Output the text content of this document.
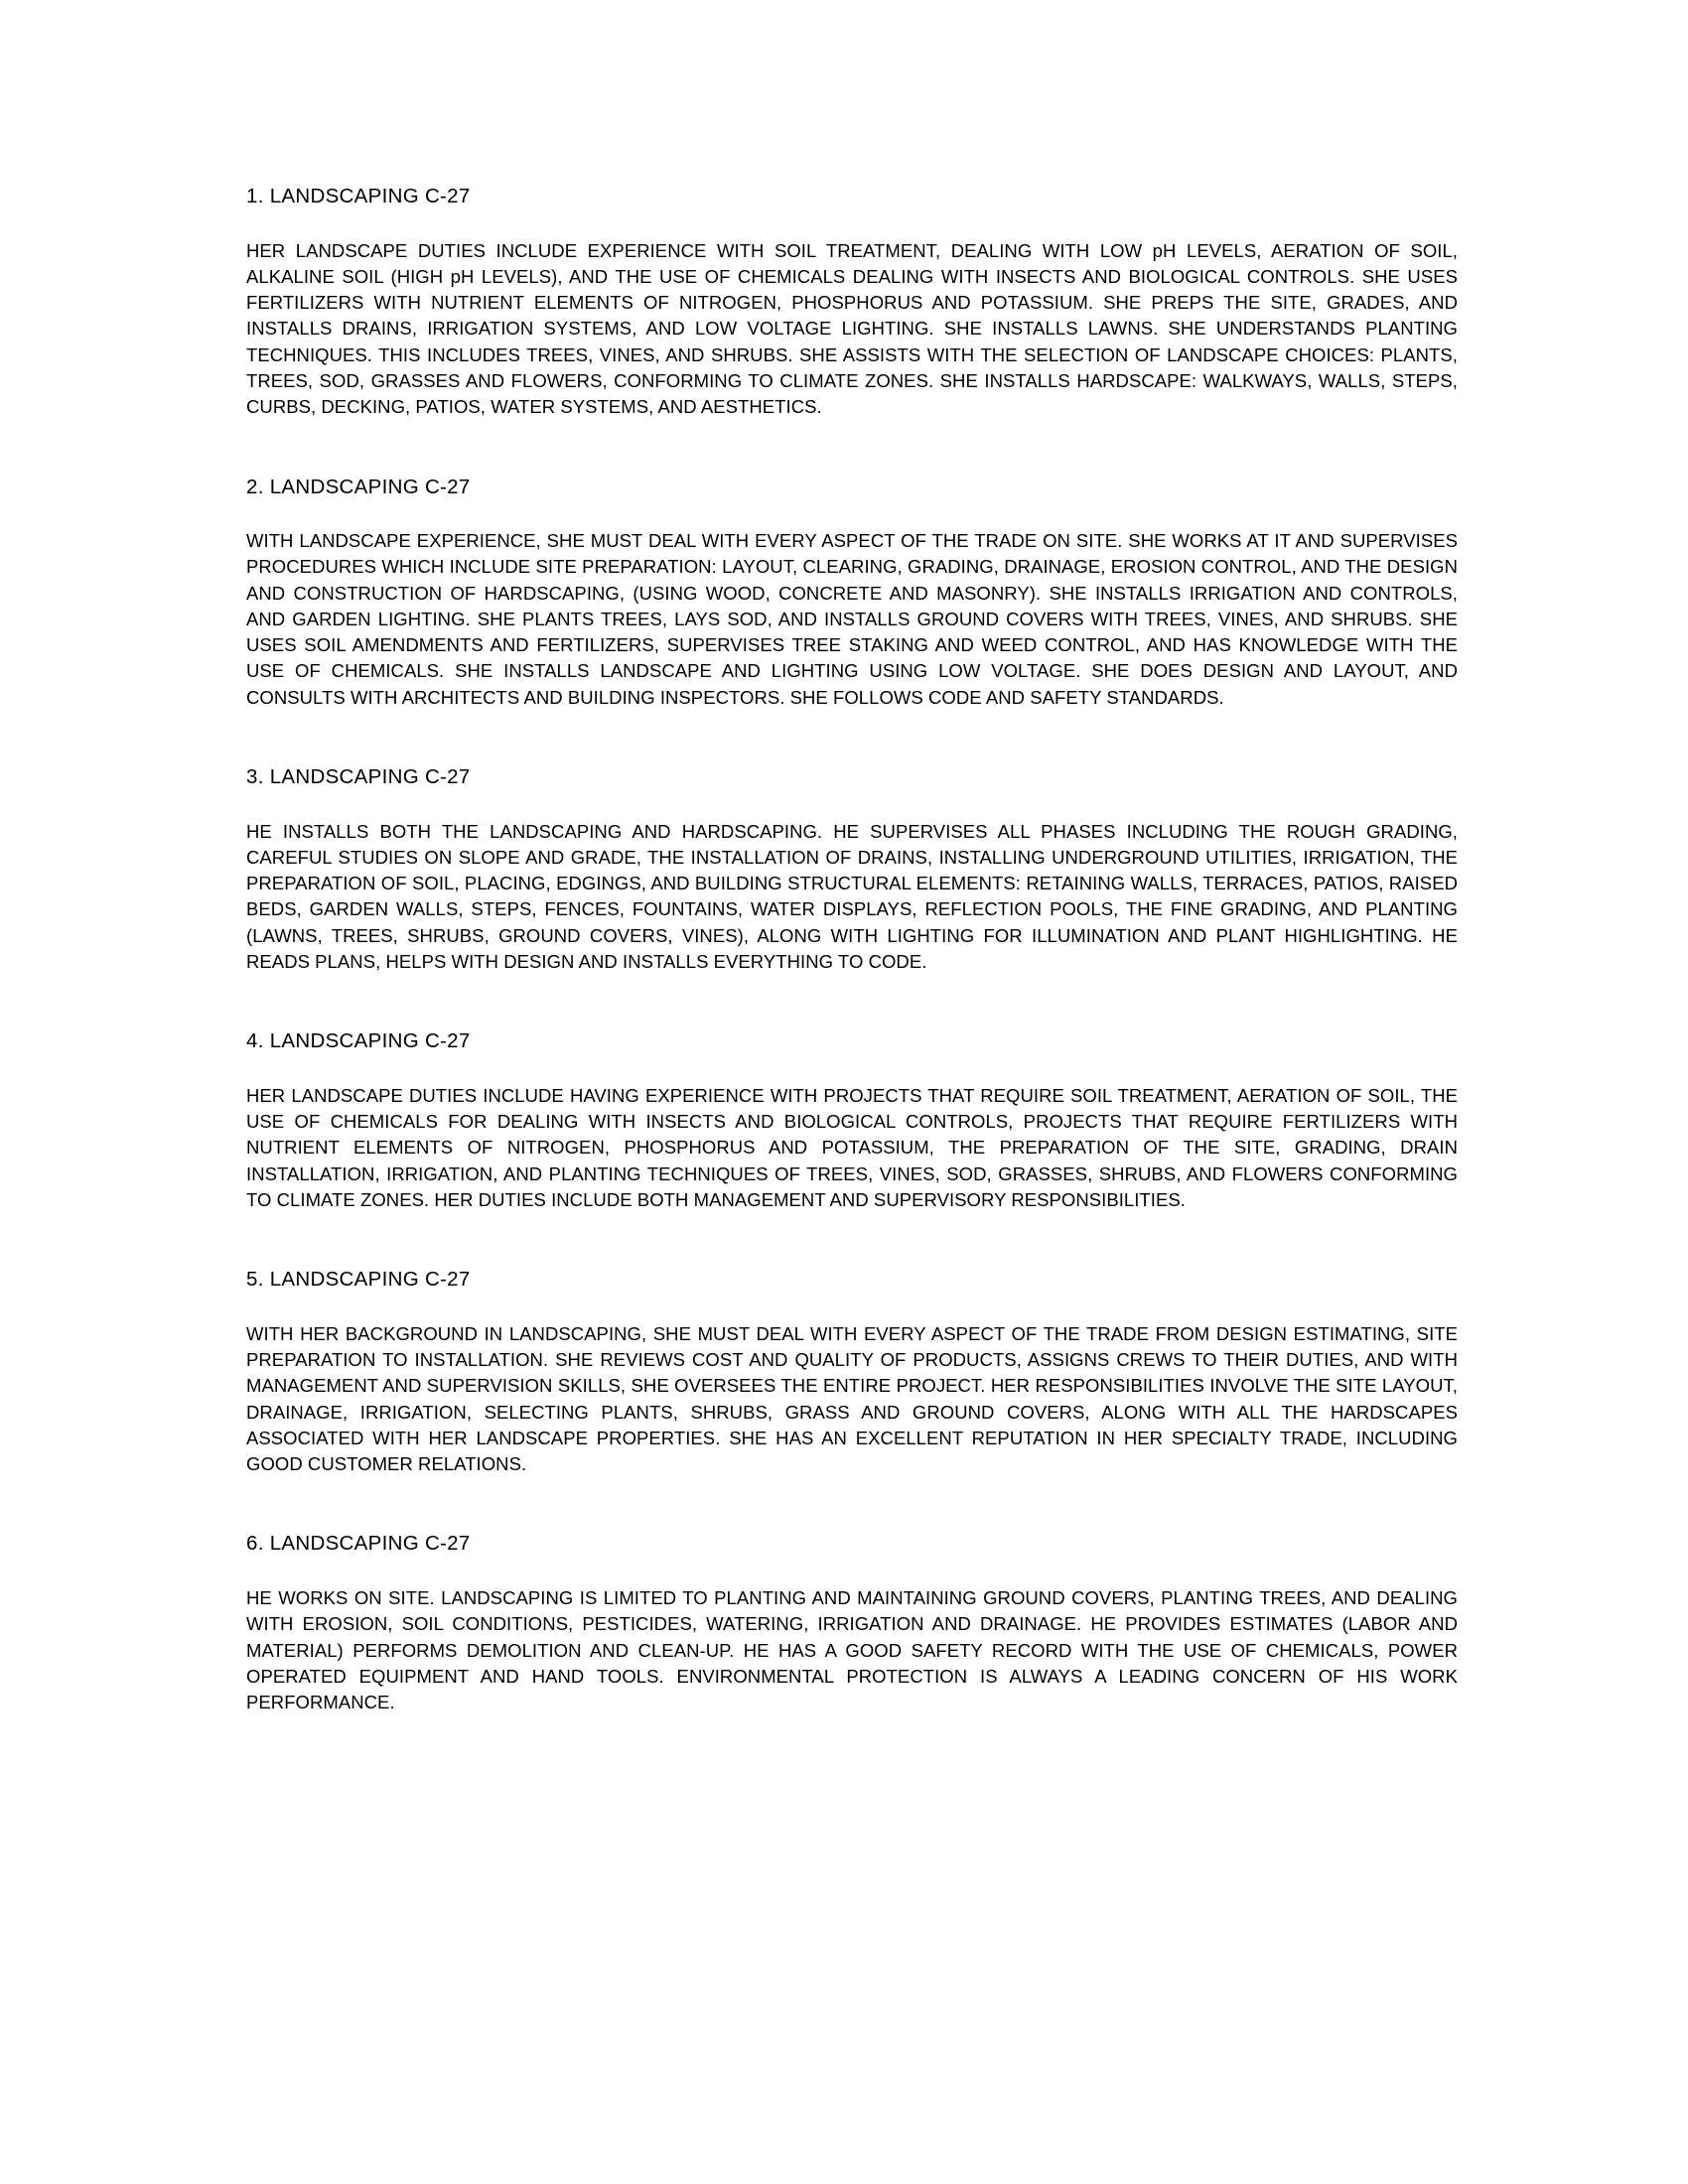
1. LANDSCAPING C-27

HER LANDSCAPE DUTIES INCLUDE EXPERIENCE WITH SOIL TREATMENT, DEALING WITH LOW pH LEVELS, AERATION OF SOIL, ALKALINE SOIL (HIGH pH LEVELS), AND THE USE OF CHEMICALS DEALING WITH INSECTS AND BIOLOGICAL CONTROLS. SHE USES FERTILIZERS WITH NUTRIENT ELEMENTS OF NITROGEN, PHOSPHORUS AND POTASSIUM. SHE PREPS THE SITE, GRADES, AND INSTALLS DRAINS, IRRIGATION SYSTEMS, AND LOW VOLTAGE LIGHTING. SHE INSTALLS LAWNS. SHE UNDERSTANDS PLANTING TECHNIQUES. THIS INCLUDES TREES, VINES, AND SHRUBS. SHE ASSISTS WITH THE SELECTION OF LANDSCAPE CHOICES: PLANTS, TREES, SOD, GRASSES AND FLOWERS, CONFORMING TO CLIMATE ZONES. SHE INSTALLS HARDSCAPE: WALKWAYS, WALLS, STEPS, CURBS, DECKING, PATIOS, WATER SYSTEMS, AND AESTHETICS.

2. LANDSCAPING C-27

WITH LANDSCAPE EXPERIENCE, SHE MUST DEAL WITH EVERY ASPECT OF THE TRADE ON SITE. SHE WORKS AT IT AND SUPERVISES PROCEDURES WHICH INCLUDE SITE PREPARATION: LAYOUT, CLEARING, GRADING, DRAINAGE, EROSION CONTROL, AND THE DESIGN AND CONSTRUCTION OF HARDSCAPING, (USING WOOD, CONCRETE AND MASONRY). SHE INSTALLS IRRIGATION AND CONTROLS, AND GARDEN LIGHTING. SHE PLANTS TREES, LAYS SOD, AND INSTALLS GROUND COVERS WITH TREES, VINES, AND SHRUBS. SHE USES SOIL AMENDMENTS AND FERTILIZERS, SUPERVISES TREE STAKING AND WEED CONTROL, AND HAS KNOWLEDGE WITH THE USE OF CHEMICALS. SHE INSTALLS LANDSCAPE AND LIGHTING USING LOW VOLTAGE. SHE DOES DESIGN AND LAYOUT, AND CONSULTS WITH ARCHITECTS AND BUILDING INSPECTORS. SHE FOLLOWS CODE AND SAFETY STANDARDS.

3. LANDSCAPING C-27

HE INSTALLS BOTH THE LANDSCAPING AND HARDSCAPING. HE SUPERVISES ALL PHASES INCLUDING THE ROUGH GRADING, CAREFUL STUDIES ON SLOPE AND GRADE, THE INSTALLATION OF DRAINS, INSTALLING UNDERGROUND UTILITIES, IRRIGATION, THE PREPARATION OF SOIL, PLACING, EDGINGS, AND BUILDING STRUCTURAL ELEMENTS: RETAINING WALLS, TERRACES, PATIOS, RAISED BEDS, GARDEN WALLS, STEPS, FENCES, FOUNTAINS, WATER DISPLAYS, REFLECTION POOLS, THE FINE GRADING, AND PLANTING (LAWNS, TREES, SHRUBS, GROUND COVERS, VINES), ALONG WITH LIGHTING FOR ILLUMINATION AND PLANT HIGHLIGHTING. HE READS PLANS, HELPS WITH DESIGN AND INSTALLS EVERYTHING TO CODE.

4. LANDSCAPING C-27

HER LANDSCAPE DUTIES INCLUDE HAVING EXPERIENCE WITH PROJECTS THAT REQUIRE SOIL TREATMENT, AERATION OF SOIL, THE USE OF CHEMICALS FOR DEALING WITH INSECTS AND BIOLOGICAL CONTROLS, PROJECTS THAT REQUIRE FERTILIZERS WITH NUTRIENT ELEMENTS OF NITROGEN, PHOSPHORUS AND POTASSIUM, THE PREPARATION OF THE SITE, GRADING, DRAIN INSTALLATION, IRRIGATION, AND PLANTING TECHNIQUES OF TREES, VINES, SOD, GRASSES, SHRUBS, AND FLOWERS CONFORMING TO CLIMATE ZONES. HER DUTIES INCLUDE BOTH MANAGEMENT AND SUPERVISORY RESPONSIBILITIES.

5. LANDSCAPING C-27

WITH HER BACKGROUND IN LANDSCAPING, SHE MUST DEAL WITH EVERY ASPECT OF THE TRADE FROM DESIGN ESTIMATING, SITE PREPARATION TO INSTALLATION. SHE REVIEWS COST AND QUALITY OF PRODUCTS, ASSIGNS CREWS TO THEIR DUTIES, AND WITH MANAGEMENT AND SUPERVISION SKILLS, SHE OVERSEES THE ENTIRE PROJECT. HER RESPONSIBILITIES INVOLVE THE SITE LAYOUT, DRAINAGE, IRRIGATION, SELECTING PLANTS, SHRUBS, GRASS AND GROUND COVERS, ALONG WITH ALL THE HARDSCAPES ASSOCIATED WITH HER LANDSCAPE PROPERTIES. SHE HAS AN EXCELLENT REPUTATION IN HER SPECIALTY TRADE, INCLUDING GOOD CUSTOMER RELATIONS.

6. LANDSCAPING C-27

HE WORKS ON SITE. LANDSCAPING IS LIMITED TO PLANTING AND MAINTAINING GROUND COVERS, PLANTING TREES, AND DEALING WITH EROSION, SOIL CONDITIONS, PESTICIDES, WATERING, IRRIGATION AND DRAINAGE. HE PROVIDES ESTIMATES (LABOR AND MATERIAL) PERFORMS DEMOLITION AND CLEAN-UP. HE HAS A GOOD SAFETY RECORD WITH THE USE OF CHEMICALS, POWER OPERATED EQUIPMENT AND HAND TOOLS. ENVIRONMENTAL PROTECTION IS ALWAYS A LEADING CONCERN OF HIS WORK PERFORMANCE.
